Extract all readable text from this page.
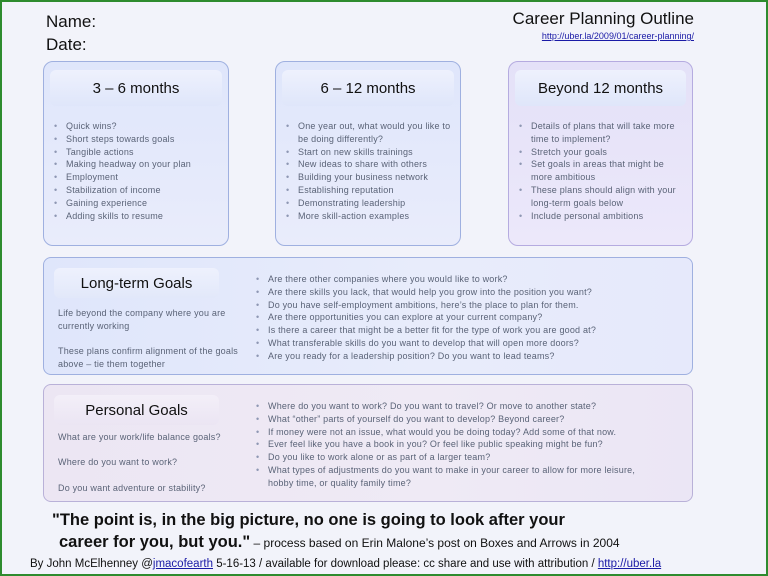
Name:
Date:
Career Planning Outline
http://uber.la/2009/01/career-planning/
3 – 6 months
• Quick wins?
• Short steps towards goals
• Tangible actions
• Making headway on your plan
• Employment
• Stabilization of income
• Gaining experience
• Adding skills to resume
6 – 12 months
• One year out, what would you like to be doing differently?
• Start on new skills trainings
• New ideas to share with others
• Building your business network
• Establishing reputation
• Demonstrating leadership
• More skill-action examples
Beyond 12 months
• Details of plans that will take more time to implement?
• Stretch your goals
• Set goals in areas that might be more ambitious
• These plans should align with your long-term goals below
• Include personal ambitions
Long-term Goals
Life beyond the company where you are currently working
These plans confirm alignment of the goals above – tie them together
• Are there other companies where you would like to work?
• Are there skills you lack, that would help you grow into the position you want?
• Do you have self-employment ambitions, here’s the place to plan for them.
• Are there opportunities you can explore at your current company?
• Is there a career that might be a better fit for the type of work you are good at?
• What transferable skills do you want to develop that will open more doors?
• Are you ready for a leadership position? Do you want to lead teams?
Personal Goals
What are your work/life balance goals?
Where do you want to work?
Do you want adventure or stability?
• Where do you want to work? Do you want to travel? Or move to another state?
• What “other” parts of yourself do you want to develop? Beyond career?
• If money were not an issue, what would you be doing today? Add some of that now.
• Ever feel like you have a book in you? Or feel like public speaking might be fun?
• Do you like to work alone or as part of a larger team?
• What types of adjustments do you want to make in your career to allow for more leisure, hobby time, or quality family time?
"The point is, in the big picture, no one is going to look after your
career for you, but you." – process based on Erin Malone’s post on Boxes and Arrows in 2004
By John McElhenney @jmacofearth 5-16-13 / available for download please: cc share and use with attribution / http://uber.la
